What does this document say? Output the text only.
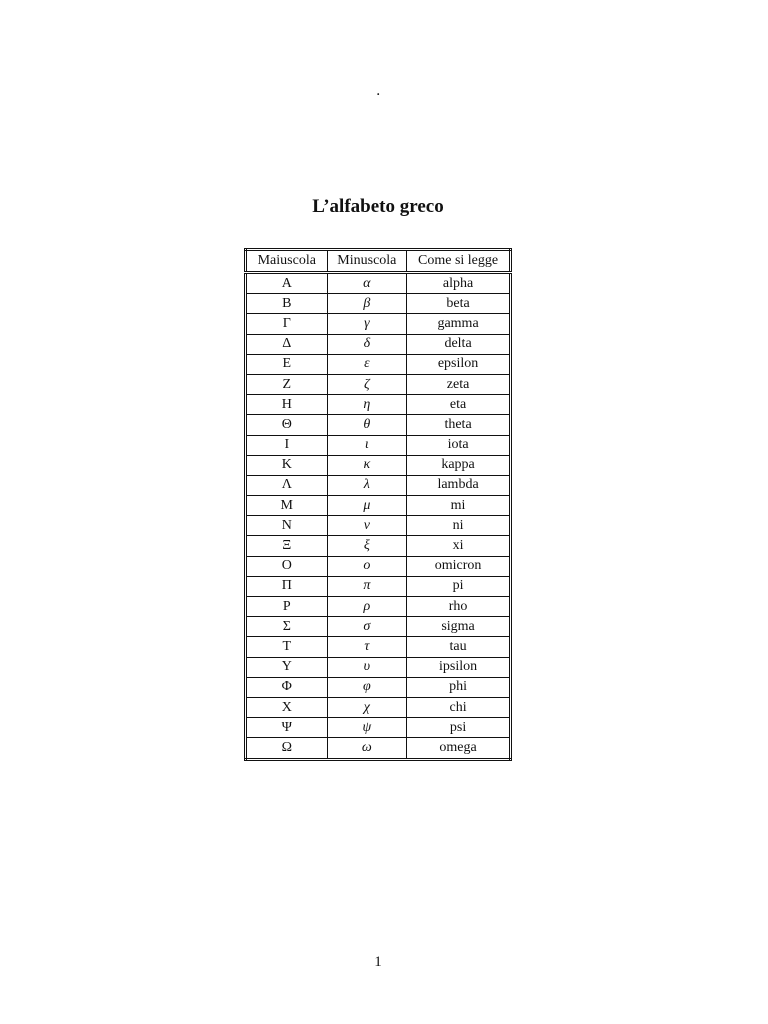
·
L’alfabeto greco
Maiuscola	Minuscola	Come si legge
A	α	alpha
B	β	beta
Γ	γ	gamma
Δ	δ	delta
E	ε	epsilon
Z	ζ	zeta
H	η	eta
Θ	θ	theta
I	ι	iota
K	κ	kappa
Λ	λ	lambda
M	μ	mi
N	ν	ni
Ξ	ξ	xi
O	o	omicron
Π	π	pi
P	ρ	rho
Σ	σ	sigma
T	τ	tau
Υ	υ	ipsilon
Φ	φ	phi
X	χ	chi
Ψ	ψ	psi
Ω	ω	omega
1
